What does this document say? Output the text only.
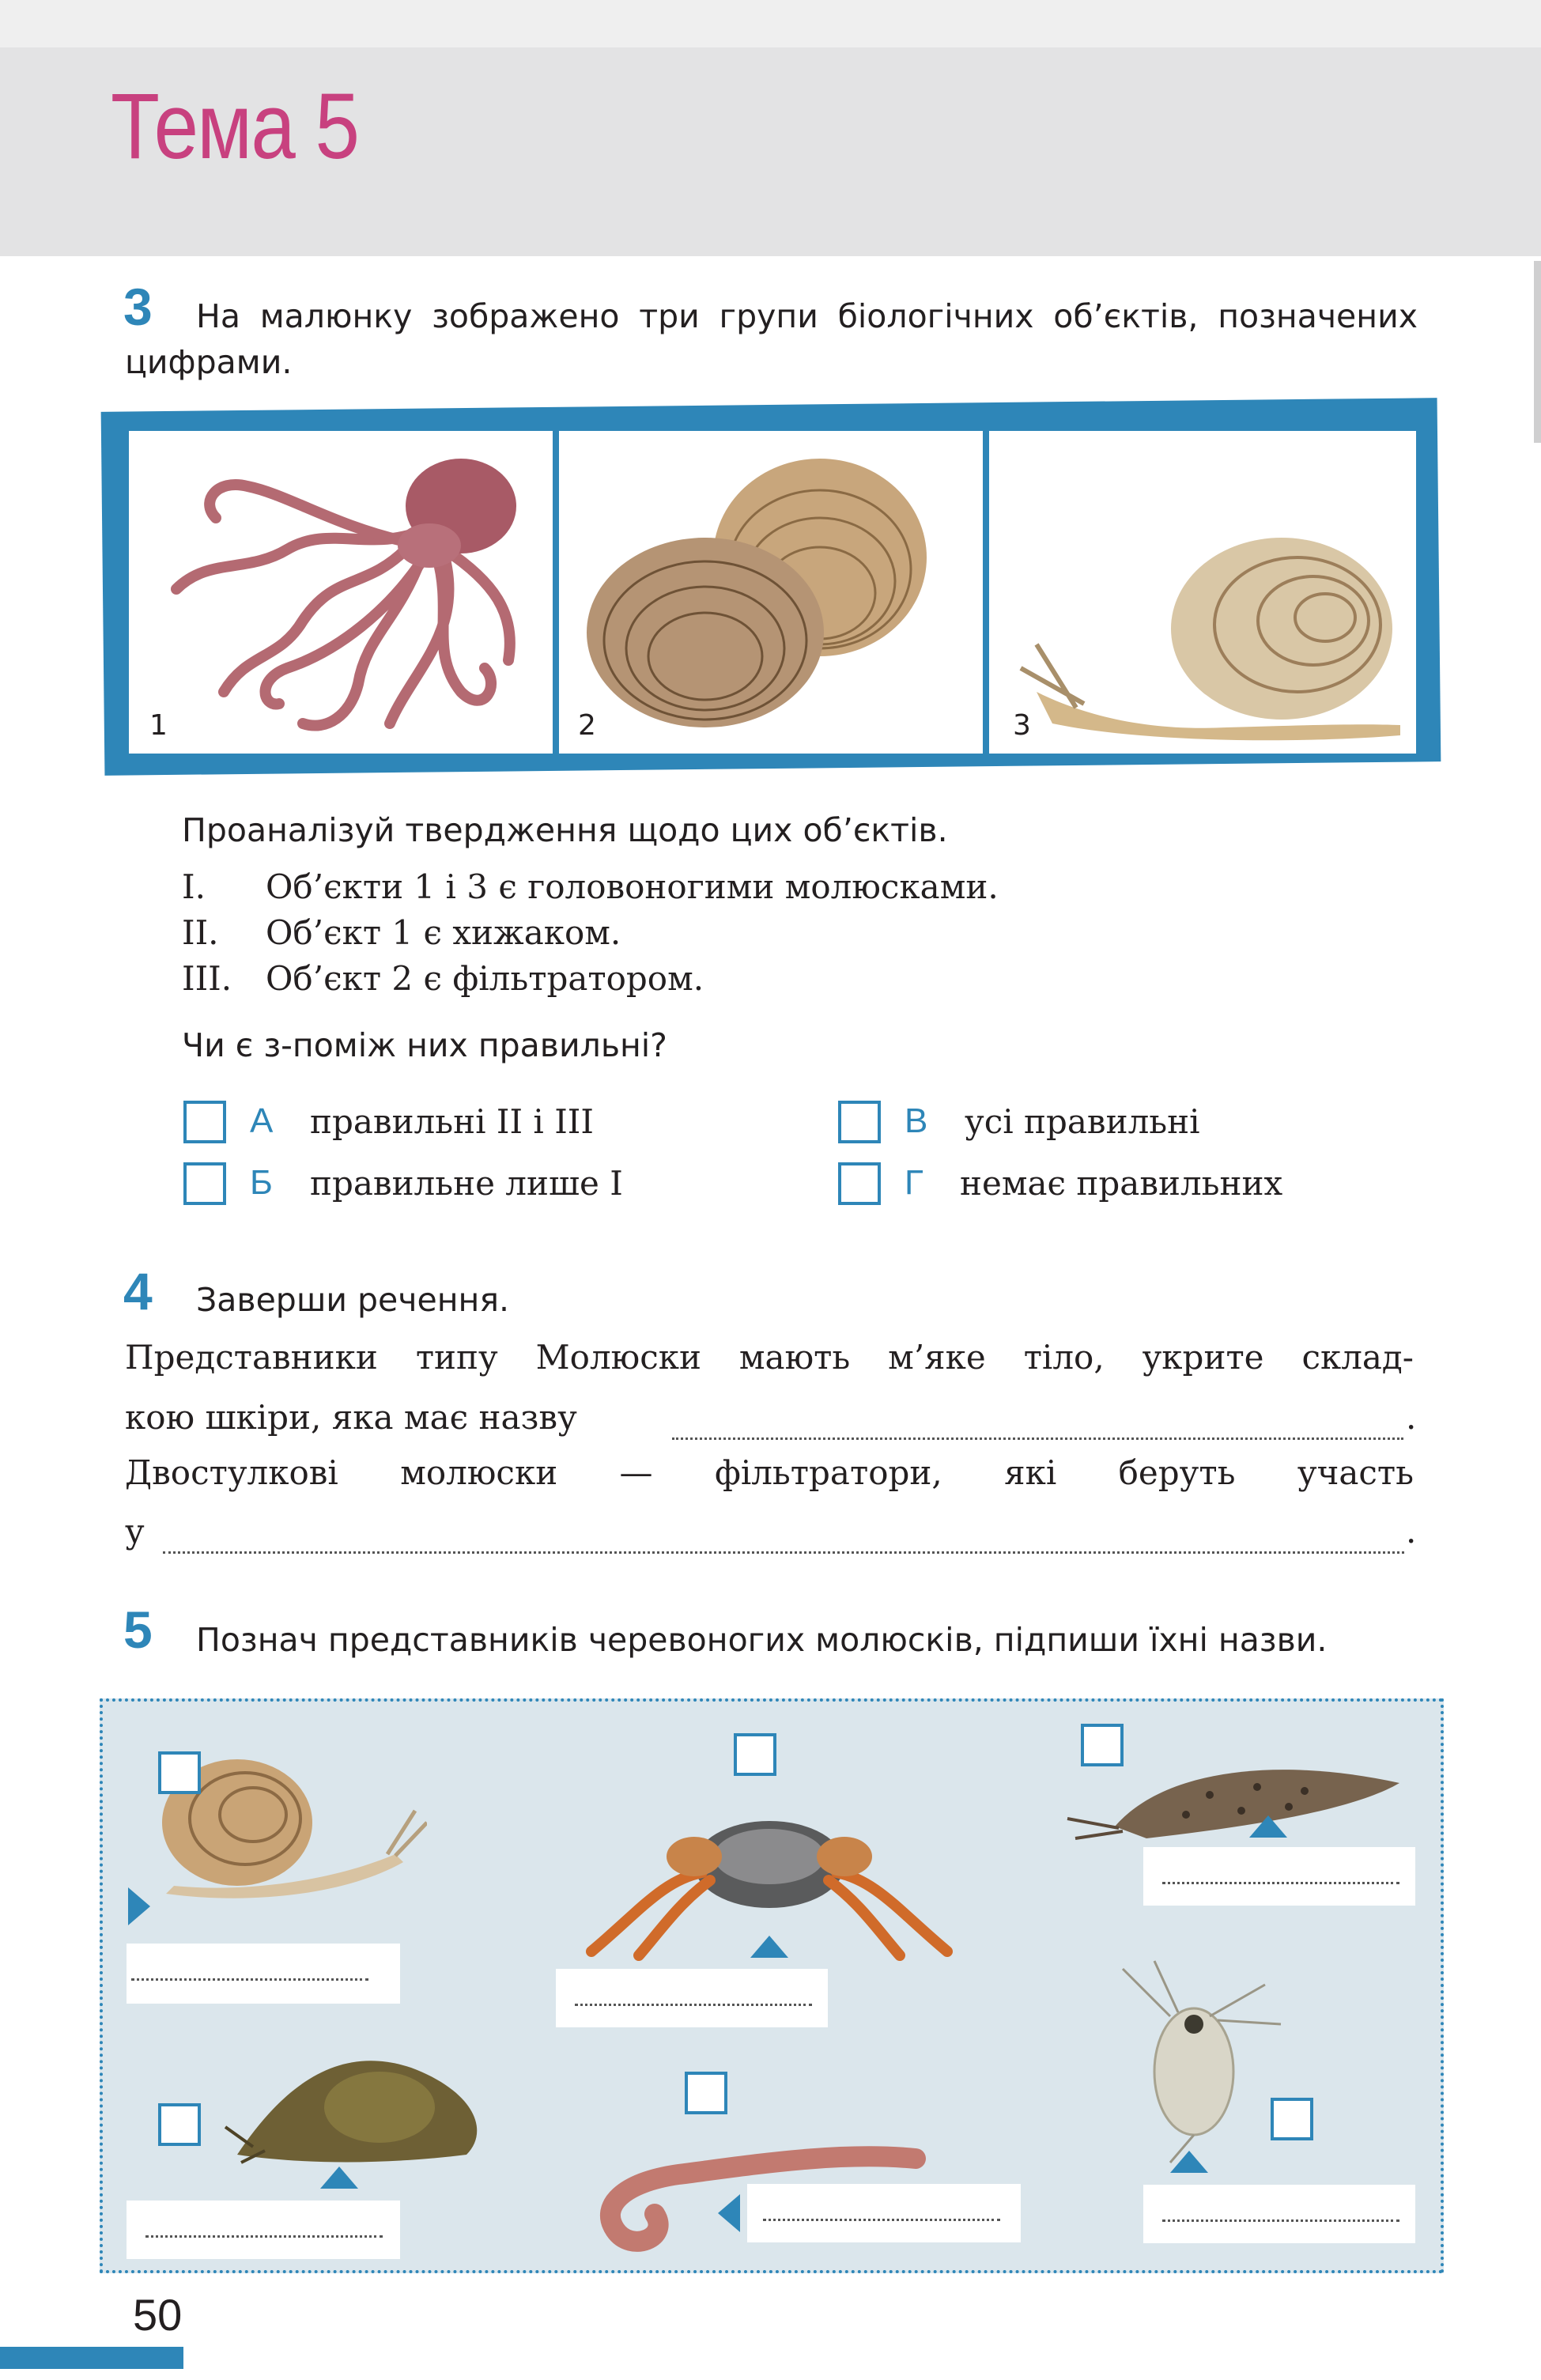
Тема 5
3 На малюнку зображено три групи біологічних об’єктів, позначених
цифрами.
1	2	3
Проаналізуй твердження щодо цих об’єктів.
I. Об’єкти 1 і 3 є головоногими молюсками.
II. Об’єкт 1 є хижаком.
III. Об’єкт 2 є фільтратором.
Чи є з-поміж них правильні?
А правильні II і III
Б правильне лише I
В усі правильні
Г немає правильних
4 Заверши речення.
Представники типу Молюски мають м’яке тіло, укрите склад-
кою шкіри, яка має назву	.
Двостулкові молюски — фільтратори, які беруть участь
у	.
5 Познач представників черевоногих молюсків, підпиши їхні назви.
50
